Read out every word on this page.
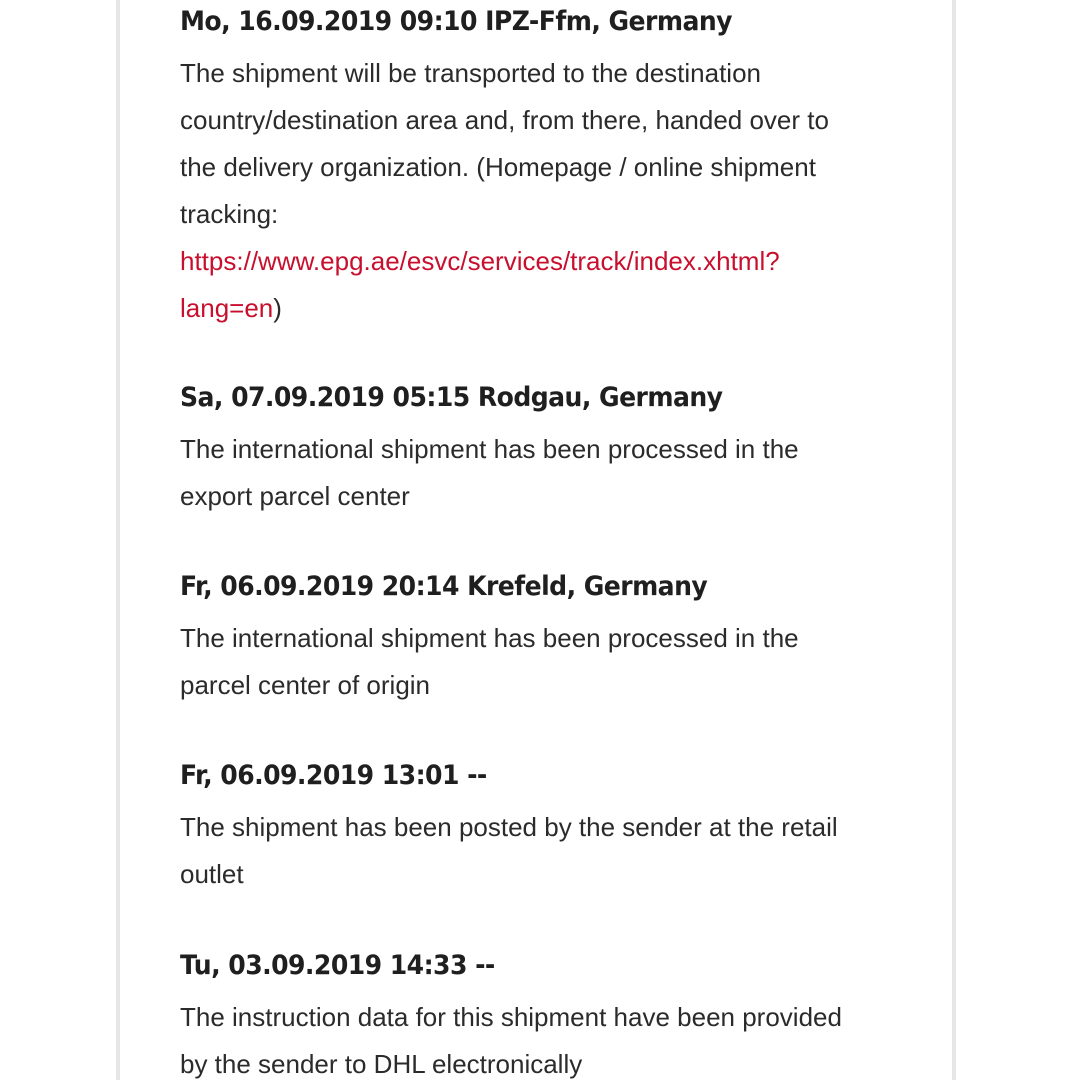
Mo, 16.09.2019 09:10 IPZ-Ffm, Germany
The shipment will be transported to the destination
country/destination area and, from there, handed over to
the delivery organization. (Homepage / online shipment
tracking:
https://www.epg.ae/esvc/services/track/index.xhtml?
lang=en)
Sa, 07.09.2019 05:15 Rodgau, Germany
The international shipment has been processed in the
export parcel center
Fr, 06.09.2019 20:14 Krefeld, Germany
The international shipment has been processed in the
parcel center of origin
Fr, 06.09.2019 13:01 --
The shipment has been posted by the sender at the retail
outlet
Tu, 03.09.2019 14:33 --
The instruction data for this shipment have been provided
by the sender to DHL electronically
